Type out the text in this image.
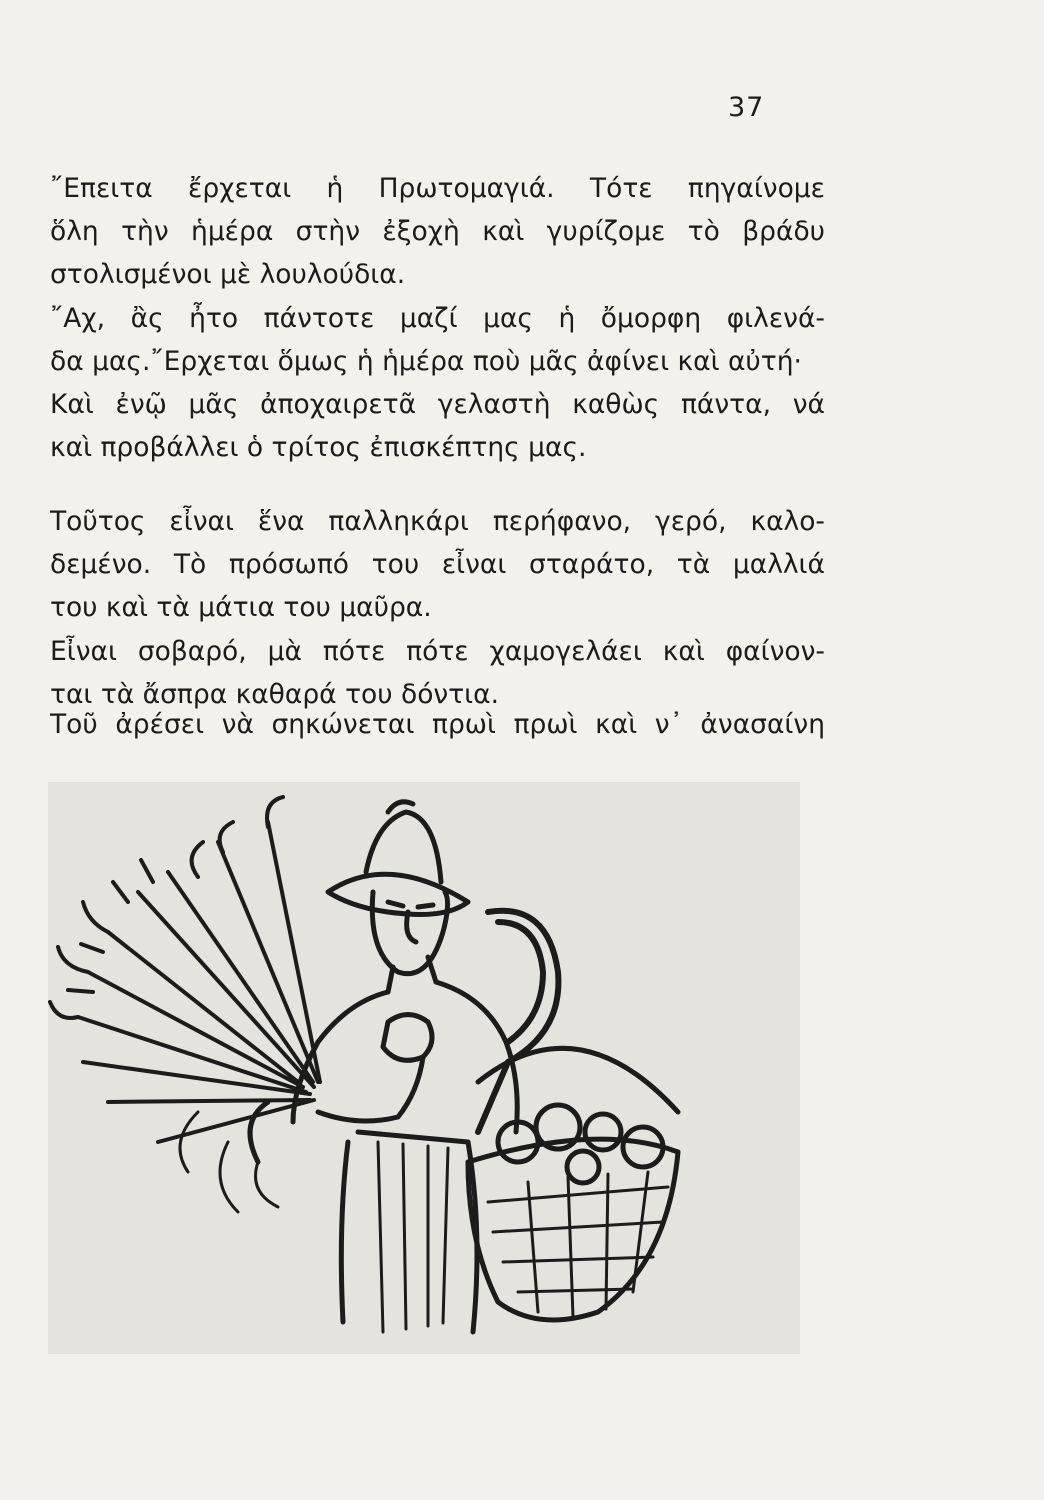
37
῎Επειτα ἔρχεται ἡ Πρωτομαγιά. Τότε πηγαίνομε
ὅλη τὴν ἡμέρα στὴν ἐξοχὴ καὶ γυρίζομε τὸ βράδυ
στολισμένοι μὲ λουλούδια.
῎Αχ, ἂς ἦτο πάντοτε μαζί μας ἡ ὄμορφη φιλενά-
δα μας.῎Ερχεται ὅμως ἡ ἡμέρα ποὺ μᾶς ἀφίνει καὶ αὐτή·
Καὶ ἐνῷ μᾶς ἀποχαιρετᾶ γελαστὴ καθὼς πάντα, νά
καὶ προβάλλει ὁ τρίτος ἐπισκέπτης μας.
Τοῦτος εἶναι ἕνα παλληκάρι περήφανο, γερό, καλο-
δεμένο. Τὸ πρόσωπό του εἶναι σταράτο, τὰ μαλλιά
του καὶ τὰ μάτια του μαῦρα.
Εἶναι σοβαρό, μὰ πότε πότε χαμογελάει καὶ φαίνον-
ται τὰ ἄσπρα καθαρά του δόντια.
Τοῦ ἀρέσει νὰ σηκώνεται πρωὶ πρωὶ καὶ ν᾿ ἀνασαίνη
